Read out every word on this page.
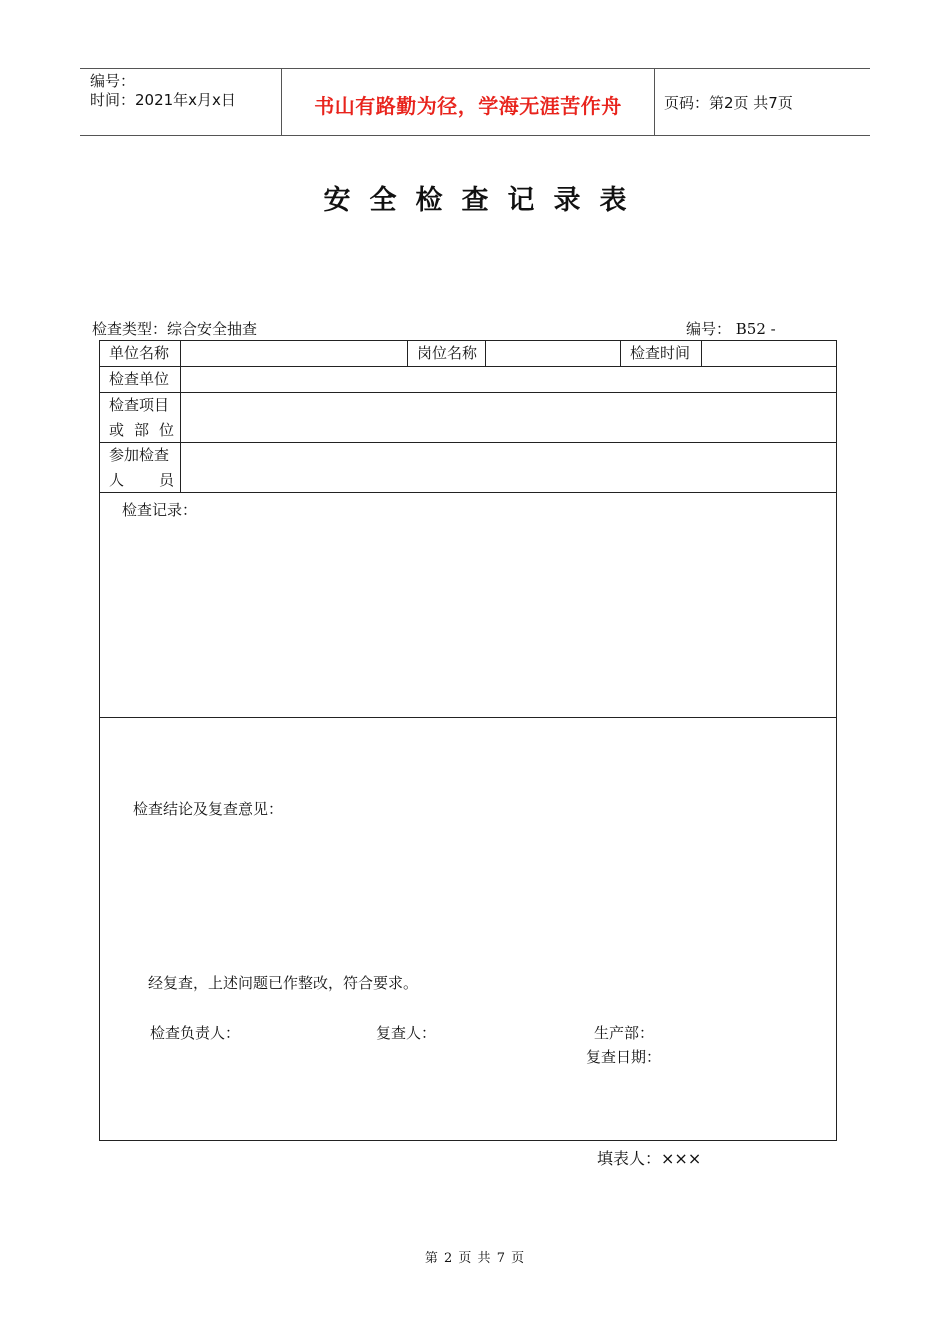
编号：
时间：2021年x月x日	书山有路勤为径，学海无涯苦作舟	页码：第2页 共7页
安全检查记录表
检查类型：综合安全抽查	编号： B52 -
单位名称	岗位名称	检查时间
检查单位
检查项目
或 部 位
参加检查
人 员
检查记录：
检查结论及复查意见：
经复查，上述问题已作整改，符合要求。
检查负责人：	复查人：	生产部：
复查日期：
填表人：×××
第 2 页 共 7 页
